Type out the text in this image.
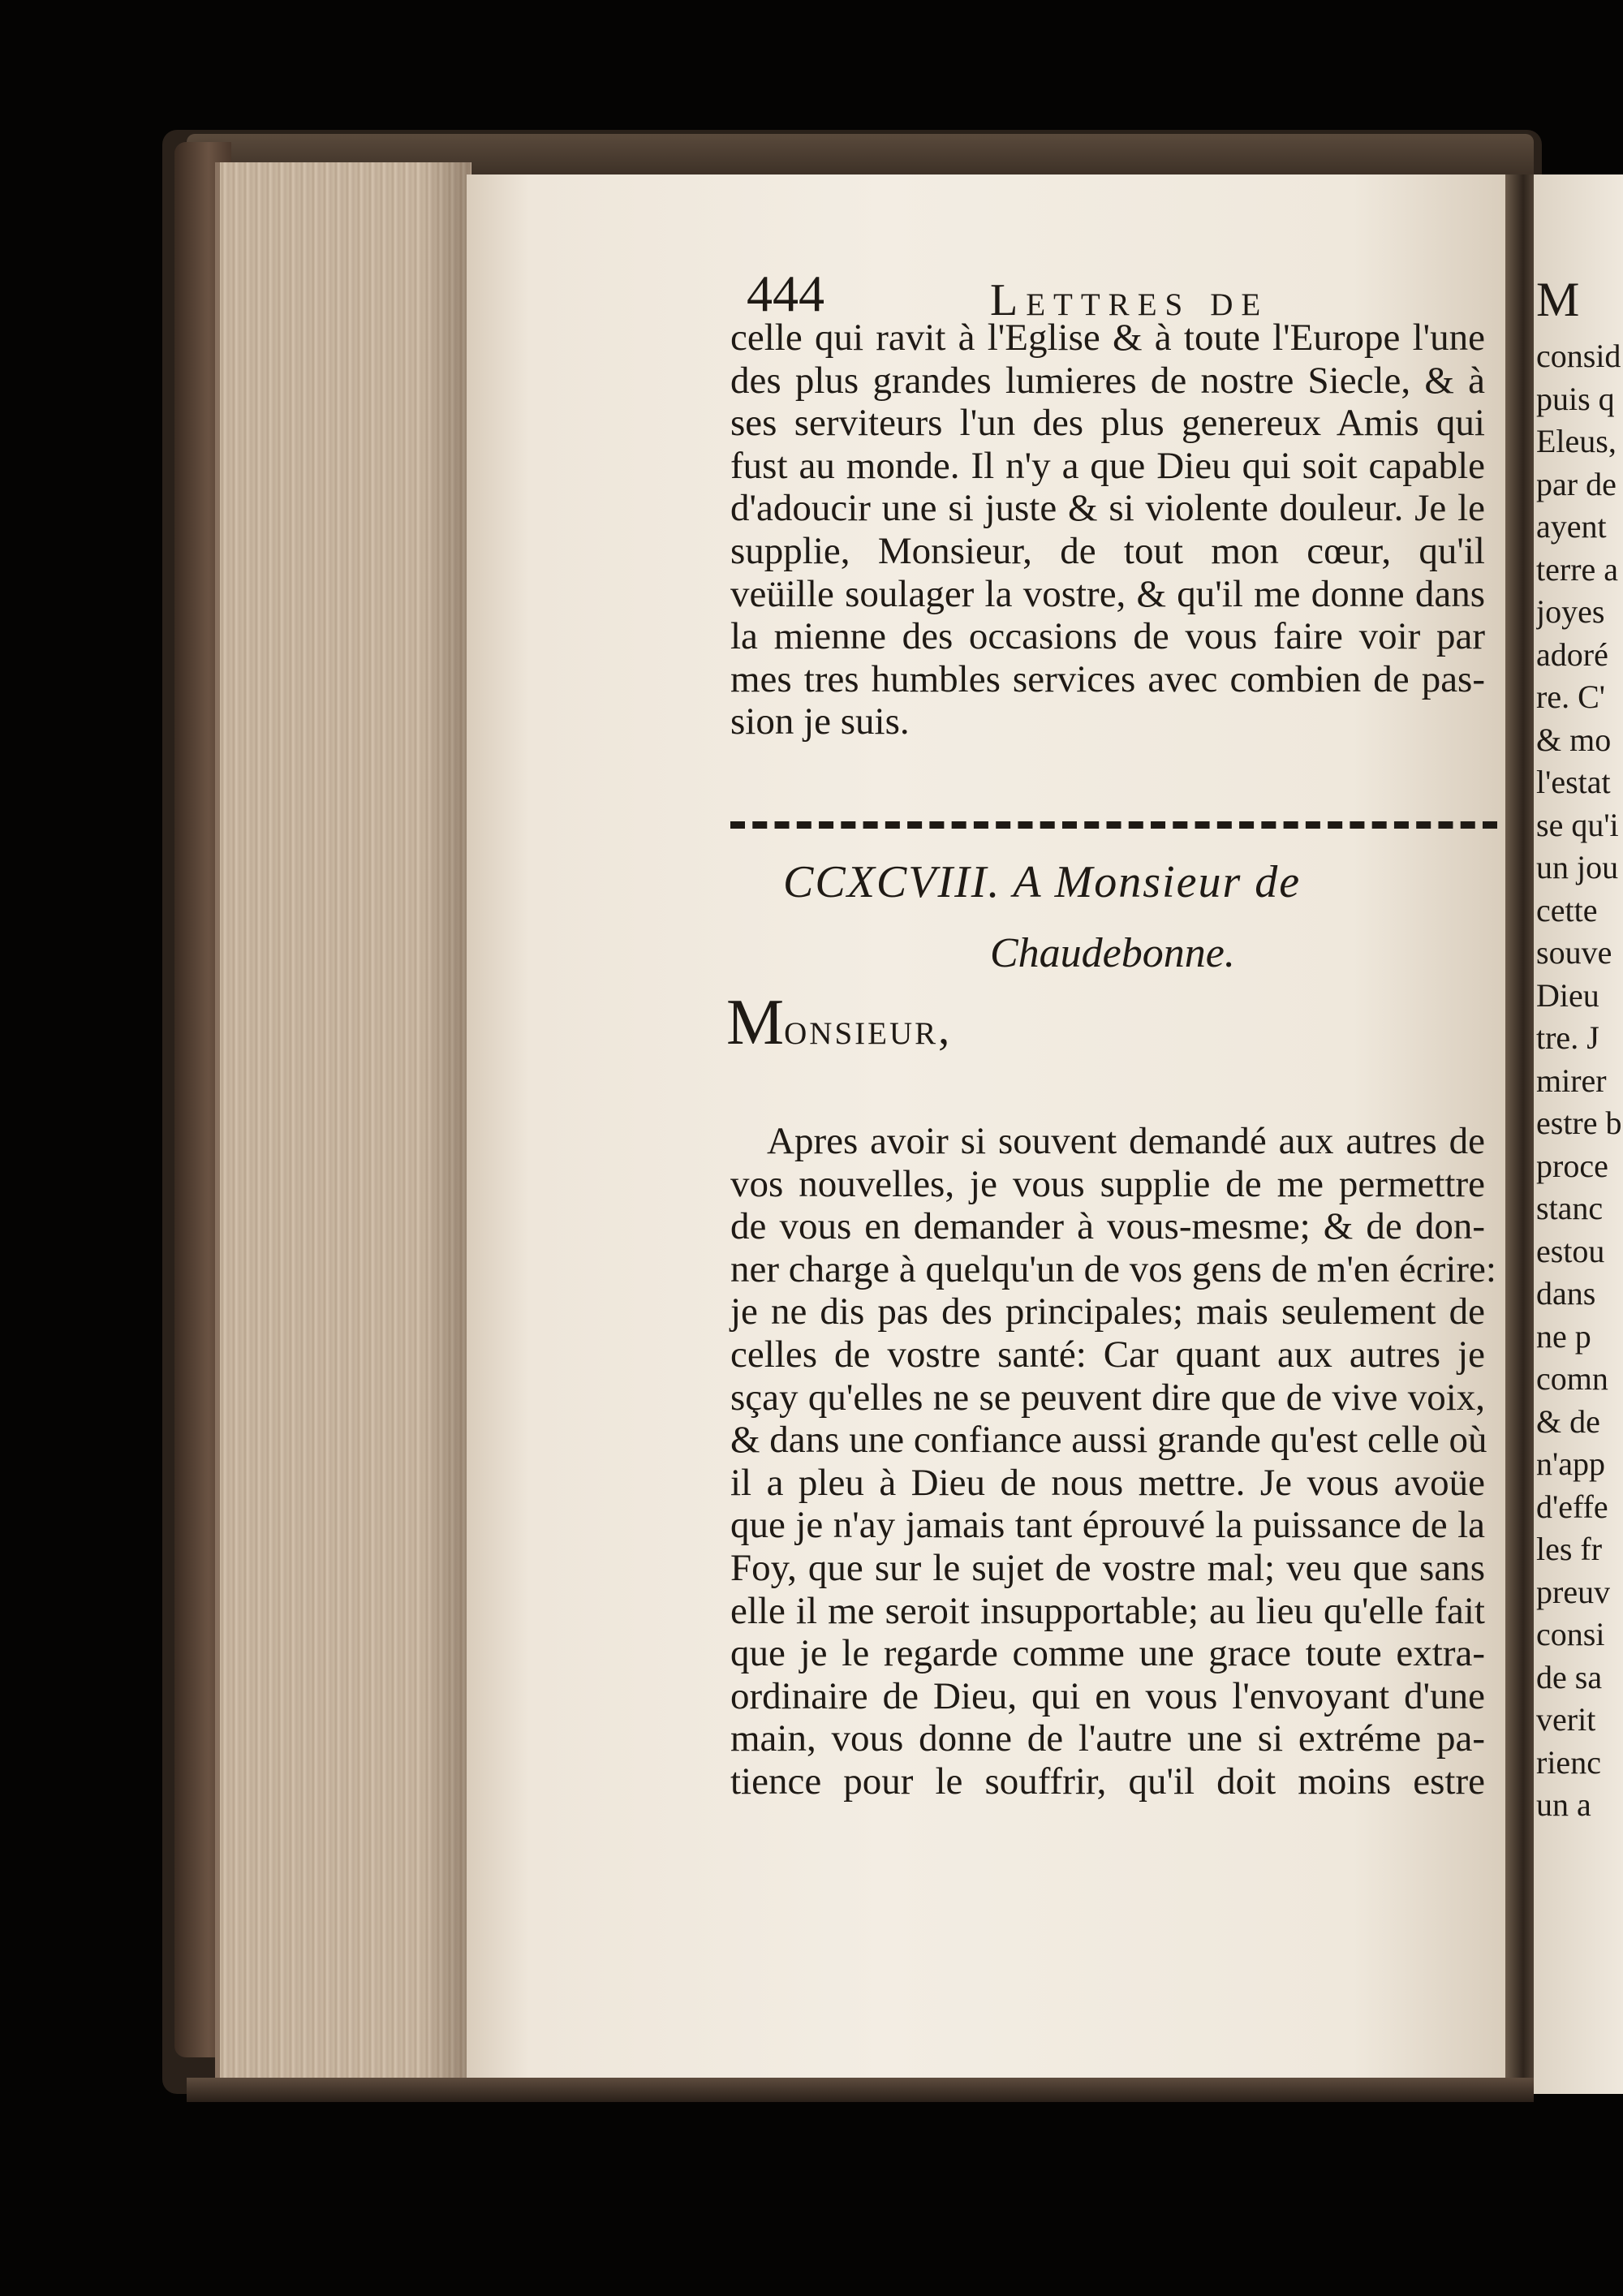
444	Lettres de
celle qui ravit à l'Eglise & à toute l'Europe l'une
des plus grandes lumieres de nostre Siecle, & à
ses serviteurs l'un des plus genereux Amis qui
fust au monde. Il n'y a que Dieu qui soit capable
d'adoucir une si juste & si violente douleur. Je le
supplie, Monsieur, de tout mon cœur, qu'il
veüille soulager la vostre, & qu'il me donne dans
la mienne des occasions de vous faire voir par
mes tres humbles services avec combien de pas-
sion je suis.
CCXCVIII. A Monsieur de
Chaudebonne.
Monsieur,
Apres avoir si souvent demandé aux autres de
vos nouvelles, je vous supplie de me permettre
de vous en demander à vous-mesme; & de don-
ner charge à quelqu'un de vos gens de m'en écrire:
je ne dis pas des principales; mais seulement de
celles de vostre santé: Car quant aux autres je
sçay qu'elles ne se peuvent dire que de vive voix,
& dans une confiance aussi grande qu'est celle où
il a pleu à Dieu de nous mettre. Je vous avoüe
que je n'ay jamais tant éprouvé la puissance de la
Foy, que sur le sujet de vostre mal; veu que sans
elle il me seroit insupportable; au lieu qu'elle fait
que je le regarde comme une grace toute extra-
ordinaire de Dieu, qui en vous l'envoyant d'une
main, vous donne de l'autre une si extréme pa-
tience pour le souffrir, qu'il doit moins estre
M
consid
puis q
Eleus,
par de
ayent
terre a
joyes
adoré
re. C'
& mo
l'estat
se qu'i
un jou
cette
souve
Dieu
tre. J
mirer
estre b
proce
stanc
estou
dans
ne p
comn
& de
n'app
d'effe
les fr
preuv
consi
de sa
verit
rienc
un a
